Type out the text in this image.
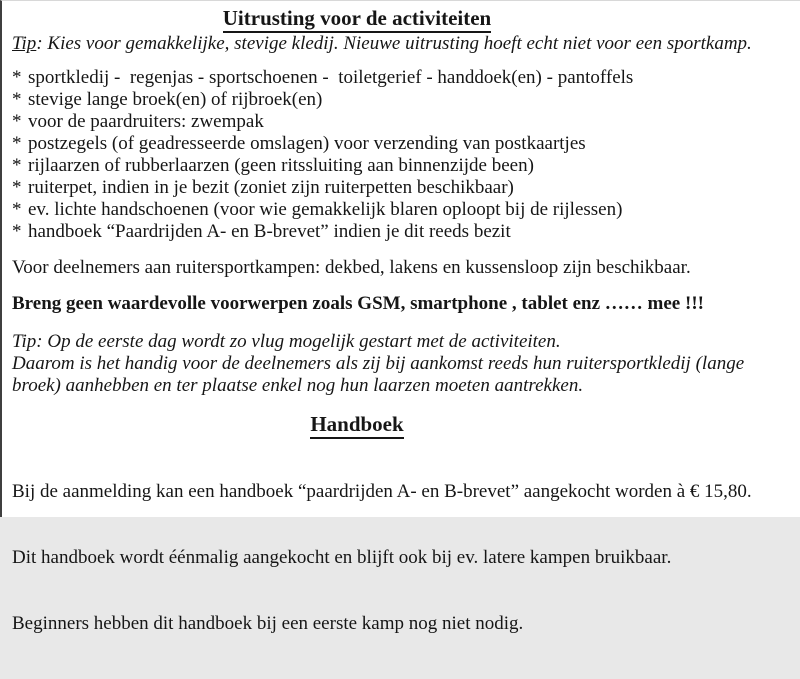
Uitrusting voor de activiteiten
Tip: Kies voor gemakkelijke, stevige kledij. Nieuwe uitrusting hoeft echt niet voor een sportkamp.
* sportkledij -  regenjas - sportschoenen -  toiletgerief - handdoek(en) - pantoffels
* stevige lange broek(en) of rijbroek(en)
* voor de paardruiters: zwempak
* postzegels (of geadresseerde omslagen) voor verzending van postkaartjes
* rijlaarzen of rubberlaarzen (geen ritssluiting aan binnenzijde been)
* ruiterpet, indien in je bezit (zoniet zijn ruiterpetten beschikbaar)
* ev. lichte handschoenen (voor wie gemakkelijk blaren oploopt bij de rijlessen)
* handboek “Paardrijden A- en B-brevet” indien je dit reeds bezit
Voor deelnemers aan ruitersportkampen: dekbed, lakens en kussensloop zijn beschikbaar.
Breng geen waardevolle voorwerpen zoals GSM, smartphone , tablet enz …… mee !!!
Tip: Op de eerste dag wordt zo vlug mogelijk gestart met de activiteiten.
Daarom is het handig voor de deelnemers als zij bij aankomst reeds hun ruitersportkledij (lange
broek) aanhebben en ter plaatse enkel nog hun laarzen moeten aantrekken.
Handboek

Bij de aanmelding kan een handboek “paardrijden A- en B-brevet” aangekocht worden à € 15,80.

Dit handboek wordt éénmalig aangekocht en blijft ook bij ev. latere kampen bruikbaar.

Beginners hebben dit handboek bij een eerste kamp nog niet nodig.
